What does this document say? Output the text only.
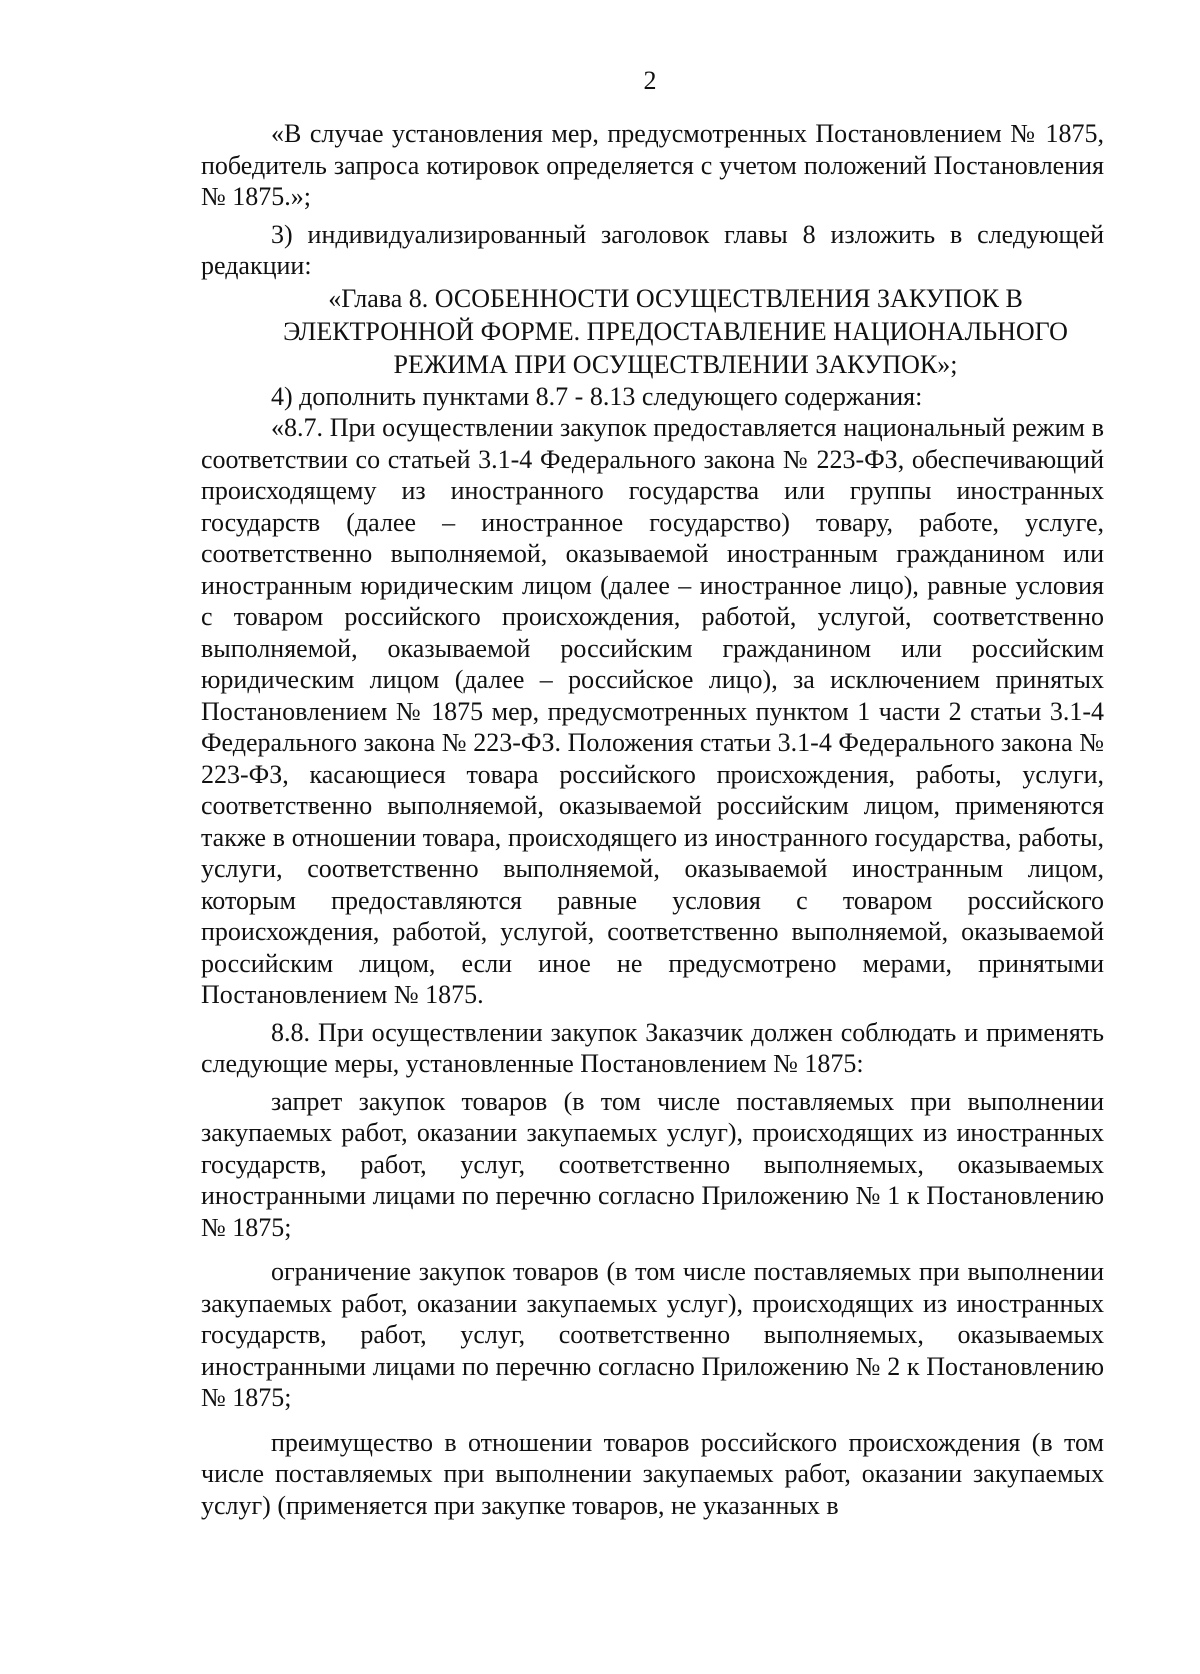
2

«В случае установления мер, предусмотренных Постановлением № 1875, победитель запроса котировок определяется с учетом положений Постановления № 1875.»;

3) индивидуализированный заголовок главы 8 изложить в следующей редакции:

«Глава 8. ОСОБЕННОСТИ ОСУЩЕСТВЛЕНИЯ ЗАКУПОК В
ЭЛЕКТРОННОЙ ФОРМЕ. ПРЕДОСТАВЛЕНИЕ НАЦИОНАЛЬНОГО
РЕЖИМА ПРИ ОСУЩЕСТВЛЕНИИ ЗАКУПОК»;

4) дополнить пунктами 8.7 - 8.13 следующего содержания:

«8.7. При осуществлении закупок предоставляется национальный режим в соответствии со статьей 3.1-4 Федерального закона № 223-ФЗ, обеспечивающий происходящему из иностранного государства или группы иностранных государств (далее – иностранное государство) товару, работе, услуге, соответственно выполняемой, оказываемой иностранным гражданином или иностранным юридическим лицом (далее – иностранное лицо), равные условия с товаром российского происхождения, работой, услугой, соответственно выполняемой, оказываемой российским гражданином или российским юридическим лицом (далее – российское лицо), за исключением принятых Постановлением № 1875 мер, предусмотренных пунктом 1 части 2 статьи 3.1-4 Федерального закона № 223-ФЗ. Положения статьи 3.1-4 Федерального закона № 223-ФЗ, касающиеся товара российского происхождения, работы, услуги, соответственно выполняемой, оказываемой российским лицом, применяются также в отношении товара, происходящего из иностранного государства, работы, услуги, соответственно выполняемой, оказываемой иностранным лицом, которым предоставляются равные условия с товаром российского происхождения, работой, услугой, соответственно выполняемой, оказываемой российским лицом, если иное не предусмотрено мерами, принятыми Постановлением № 1875.

8.8. При осуществлении закупок Заказчик должен соблюдать и применять следующие меры, установленные Постановлением № 1875:

запрет закупок товаров (в том числе поставляемых при выполнении закупаемых работ, оказании закупаемых услуг), происходящих из иностранных государств, работ, услуг, соответственно выполняемых, оказываемых иностранными лицами по перечню согласно Приложению № 1 к Постановлению № 1875;

ограничение закупок товаров (в том числе поставляемых при выполнении закупаемых работ, оказании закупаемых услуг), происходящих из иностранных государств, работ, услуг, соответственно выполняемых, оказываемых иностранными лицами по перечню согласно Приложению № 2 к Постановлению № 1875;

преимущество в отношении товаров российского происхождения (в том числе поставляемых при выполнении закупаемых работ, оказании закупаемых услуг) (применяется при закупке товаров, не указанных в
